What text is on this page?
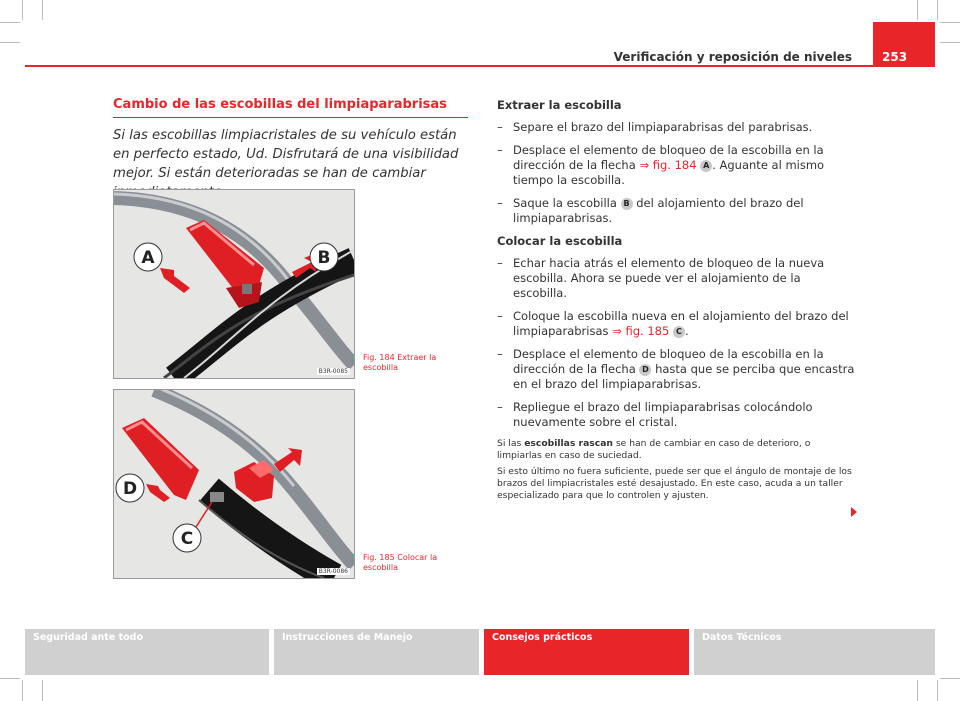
253
Verificación y reposición de niveles
Cambio de las escobillas del limpiaparabrisas
Si las escobillas limpiacristales de su vehículo están en perfecto estado, Ud. Disfrutará de una visibilidad mejor. Si están deterioradas se han de cambiar
A	B
B3R-0085
Fig. 184 Extraer la escobilla
D
C
B3R-0086
Fig. 185 Colocar la escobilla
Extraer la escobilla
– Separe el brazo del limpiaparabrisas del parabrisas.
– Desplace el elemento de bloqueo de la escobilla en la dirección de la flecha ⇒ fig. 184 A . Aguante al mismo tiempo la escobilla.
– Saque la escobilla B del alojamiento del brazo del limpiaparabrisas.
Colocar la escobilla
– Echar hacia atrás el elemento de bloqueo de la nueva escobilla. Ahora se puede ver el alojamiento de la escobilla.
– Coloque la escobilla nueva en el alojamiento del brazo del limpiaparabrisas ⇒ fig. 185 C .
– Desplace el elemento de bloqueo de la escobilla en la dirección de la flecha D hasta que se perciba que encastra en el brazo del limpiaparabrisas.
– Repliegue el brazo del limpiaparabrisas colocándolo nuevamente sobre el cristal.

Si las escobillas rascan se han de cambiar en caso de deterioro, o limpiarlas en caso de suciedad.

Si esto último no fuera suficiente, puede ser que el ángulo de montaje de los brazos del limpiacristales esté desajustado. En este caso, acuda a un taller especializado para que lo controlen y ajusten.

Seguridad ante todo	Instrucciones de Manejo	Consejos prácticos	Datos Técnicos
